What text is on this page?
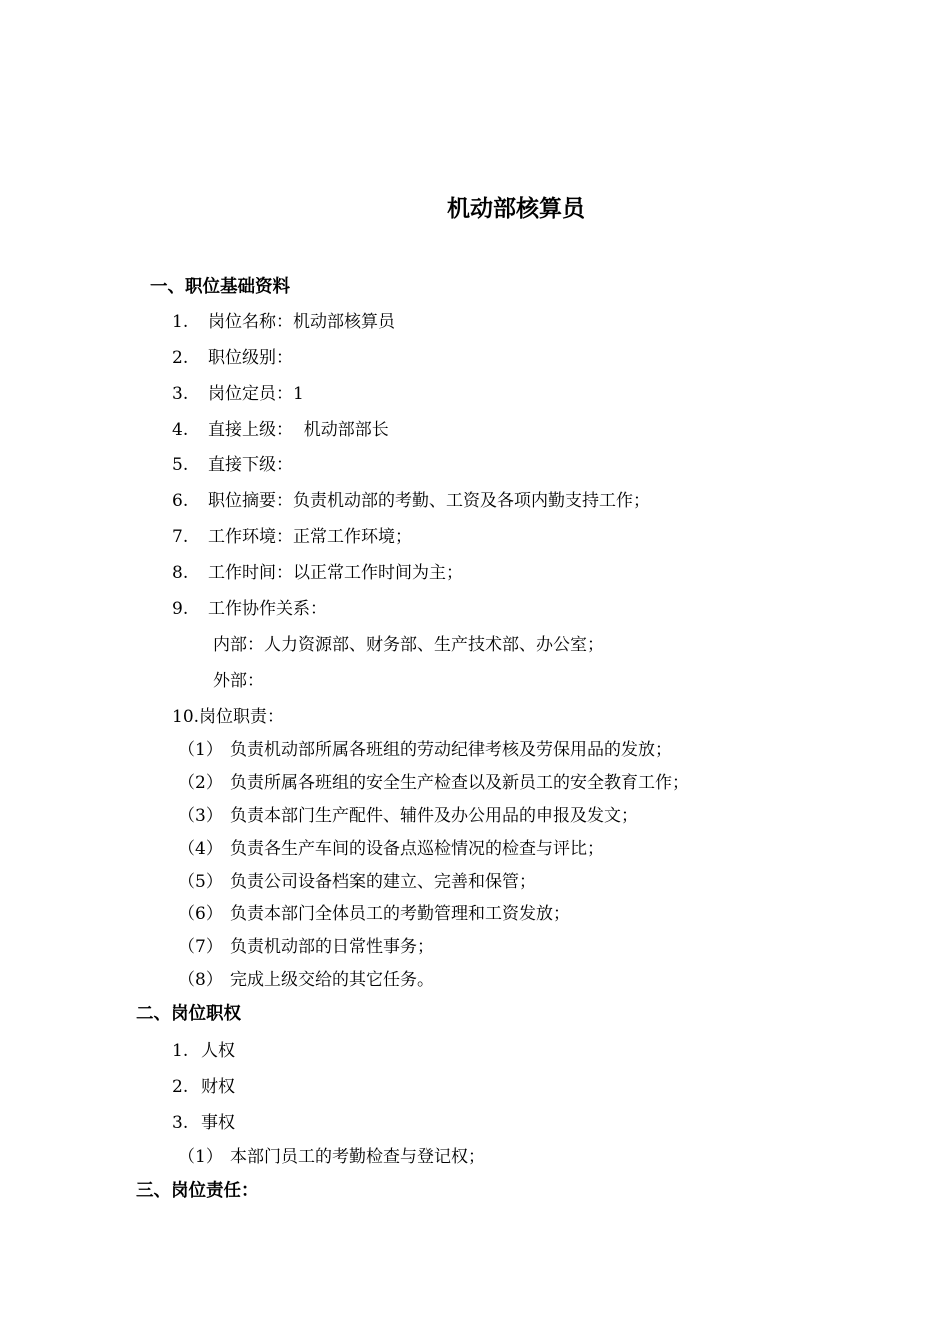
机动部核算员
一、职位基础资料
1. 岗位名称：机动部核算员
2. 职位级别：
3. 岗位定员：1
4. 直接上级：  机动部部长
5. 直接下级：
6. 职位摘要：负责机动部的考勤、工资及各项内勤支持工作；
7. 工作环境：正常工作环境；
8. 工作时间：以正常工作时间为主；
9. 工作协作关系：
内部：人力资源部、财务部、生产技术部、办公室；
外部：
10.岗位职责：
（1） 负责机动部所属各班组的劳动纪律考核及劳保用品的发放；
（2） 负责所属各班组的安全生产检查以及新员工的安全教育工作；
（3） 负责本部门生产配件、辅件及办公用品的申报及发文；
（4） 负责各生产车间的设备点巡检情况的检查与评比；
（5） 负责公司设备档案的建立、完善和保管；
（6） 负责本部门全体员工的考勤管理和工资发放；
（7） 负责机动部的日常性事务；
（8） 完成上级交给的其它任务。
二、岗位职权
1. 人权
2. 财权
3. 事权
（1） 本部门员工的考勤检查与登记权；
三、岗位责任：
